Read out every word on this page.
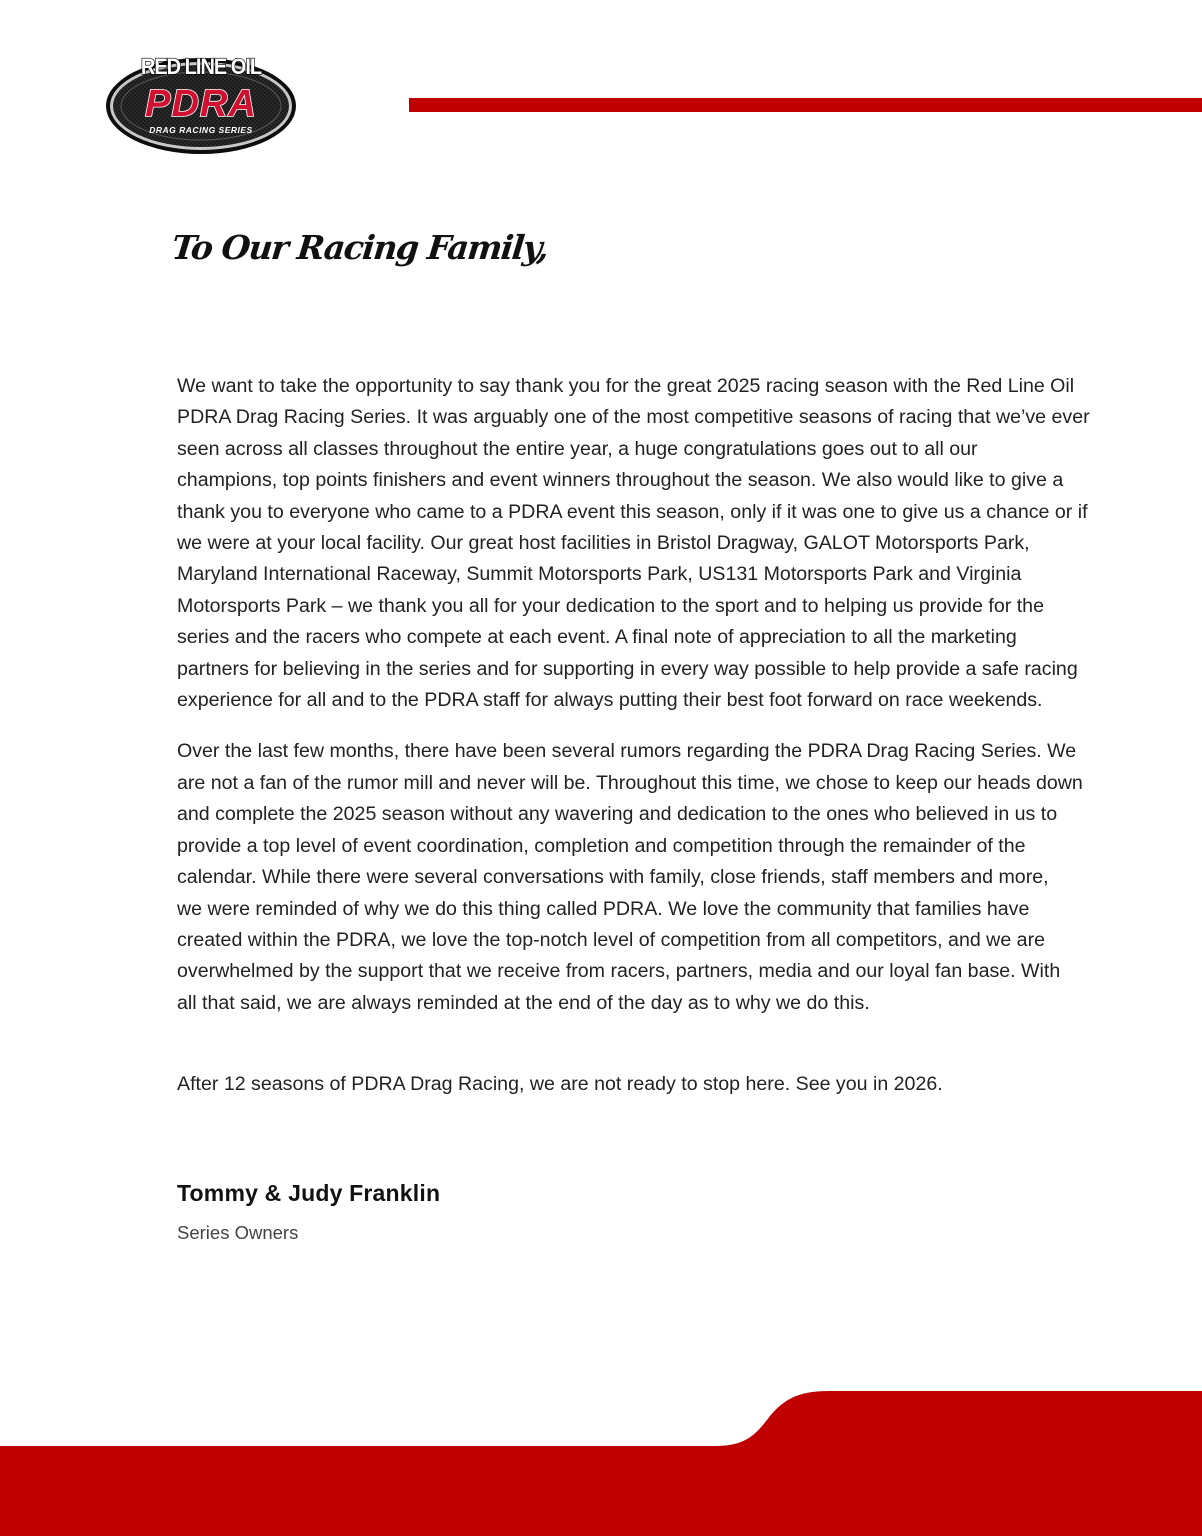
RED LINE OIL
PDRA
DRAG RACING SERIES
To Our Racing Family,

We want to take the opportunity to say thank you for the great 2025 racing season with the Red Line Oil
PDRA Drag Racing Series. It was arguably one of the most competitive seasons of racing that we’ve ever
seen across all classes throughout the entire year, a huge congratulations goes out to all our
champions, top points finishers and event winners throughout the season. We also would like to give a
thank you to everyone who came to a PDRA event this season, only if it was one to give us a chance or if
we were at your local facility. Our great host facilities in Bristol Dragway, GALOT Motorsports Park,
Maryland International Raceway, Summit Motorsports Park, US131 Motorsports Park and Virginia
Motorsports Park – we thank you all for your dedication to the sport and to helping us provide for the
series and the racers who compete at each event. A final note of appreciation to all the marketing
partners for believing in the series and for supporting in every way possible to help provide a safe racing
experience for all and to the PDRA staff for always putting their best foot forward on race weekends.

Over the last few months, there have been several rumors regarding the PDRA Drag Racing Series. We
are not a fan of the rumor mill and never will be. Throughout this time, we chose to keep our heads down
and complete the 2025 season without any wavering and dedication to the ones who believed in us to
provide a top level of event coordination, completion and competition through the remainder of the
calendar. While there were several conversations with family, close friends, staff members and more,
we were reminded of why we do this thing called PDRA. We love the community that families have
created within the PDRA, we love the top-notch level of competition from all competitors, and we are
overwhelmed by the support that we receive from racers, partners, media and our loyal fan base. With
all that said, we are always reminded at the end of the day as to why we do this.

After 12 seasons of PDRA Drag Racing, we are not ready to stop here. See you in 2026.

Tommy & Judy Franklin
Series Owners
